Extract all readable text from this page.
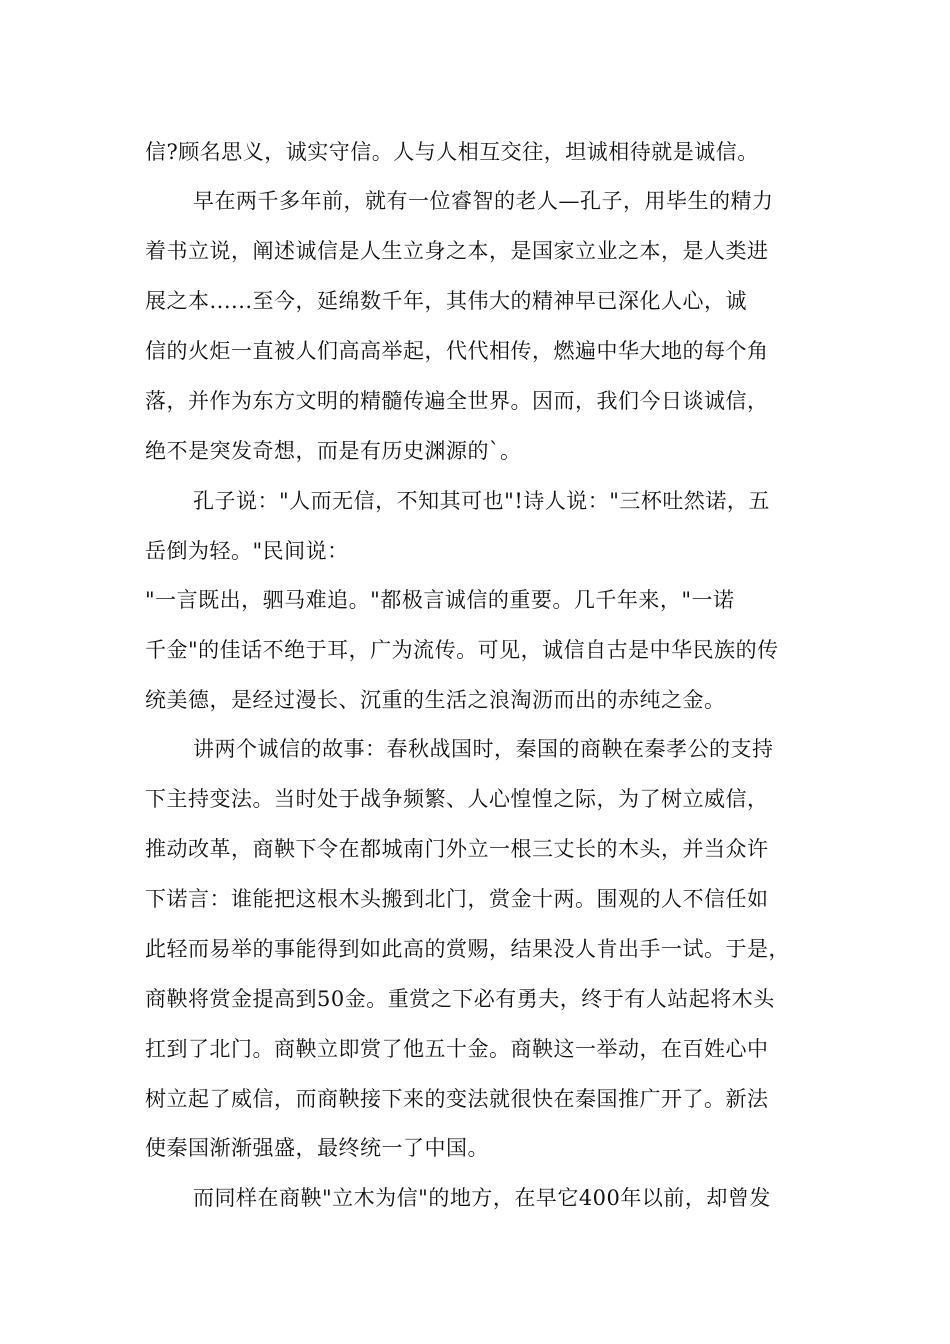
信?顾名思义，诚实守信。人与人相互交往，坦诚相待就是诚信。
早在两千多年前，就有一位睿智的老人—孔子，用毕生的精力
着书立说，阐述诚信是人生立身之本，是国家立业之本，是人类进
展之本......至今，延绵数千年，其伟大的精神早已深化人心，诚
信的火炬一直被人们高高举起，代代相传，燃遍中华大地的每个角
落，并作为东方文明的精髓传遍全世界。因而，我们今日谈诚信，
绝不是突发奇想，而是有历史渊源的`。
孔子说："人而无信，不知其可也"!诗人说："三杯吐然诺，五
岳倒为轻。"民间说：
"一言既出，驷马难追。"都极言诚信的重要。几千年来，"一诺
千金"的佳话不绝于耳，广为流传。可见，诚信自古是中华民族的传
统美德，是经过漫长、沉重的生活之浪淘沥而出的赤纯之金。
讲两个诚信的故事：春秋战国时，秦国的商鞅在秦孝公的支持
下主持变法。当时处于战争频繁、人心惶惶之际，为了树立威信，
推动改革，商鞅下令在都城南门外立一根三丈长的木头，并当众许
下诺言：谁能把这根木头搬到北门，赏金十两。围观的人不信任如
此轻而易举的事能得到如此高的赏赐，结果没人肯出手一试。于是，
商鞅将赏金提高到50金。重赏之下必有勇夫，终于有人站起将木头
扛到了北门。商鞅立即赏了他五十金。商鞅这一举动，在百姓心中
树立起了威信，而商鞅接下来的变法就很快在秦国推广开了。新法
使秦国渐渐强盛，最终统一了中国。
而同样在商鞅"立木为信"的地方，在早它400年以前，却曾发
